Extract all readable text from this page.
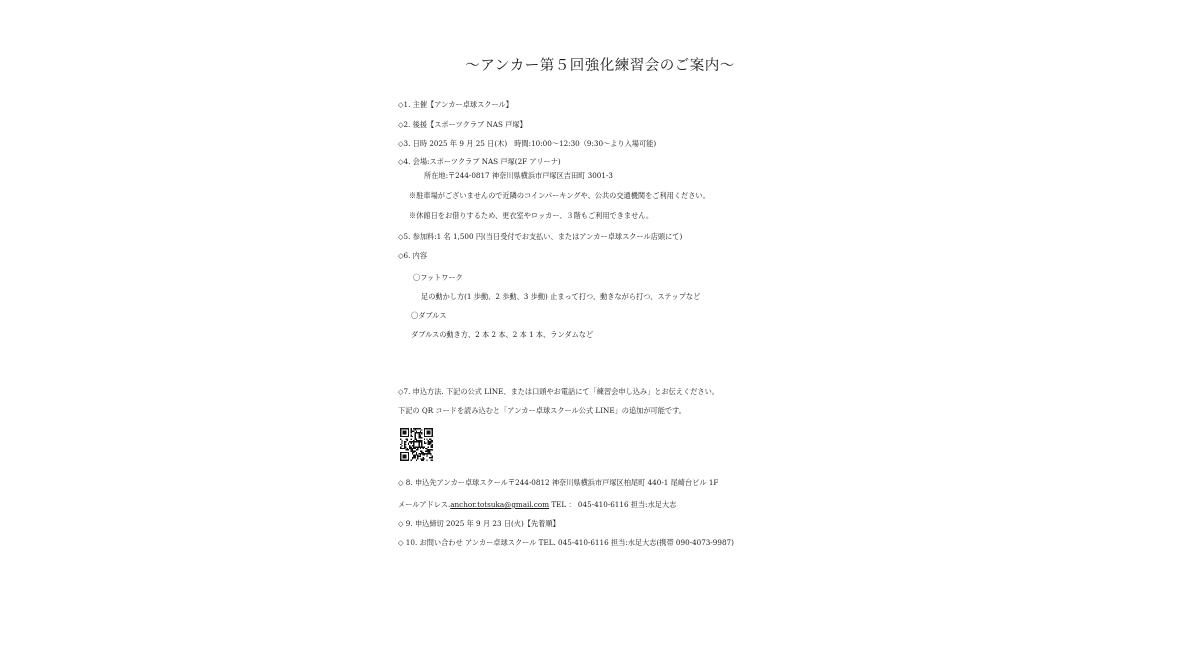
〜アンカー第５回強化練習会のご案内〜
◇1. 主催【アンカー卓球スクール】
◇2. 後援【スポーツクラブ NAS 戸塚】
◇3. 日時 2025 年 9 月 25 日(木)　時間:10:00〜12:30（9:30〜より入場可能)
◇4. 会場:スポーツクラブ NAS 戸塚(2F アリーナ)
所在地:〒244-0817 神奈川県横浜市戸塚区吉田町 3001-3
※駐車場がございませんので近隣のコインパーキングや、公共の交通機関をご利用ください。
※休館日をお借りするため、更衣室やロッカー、３階もご利用できません。
◇5. 参加料:1 名 1,500 円(当日受付でお支払い、またはアンカー卓球スクール店頭にて)
◇6. 内容
〇フットワーク
足の動かし方(1 歩動、2 歩動、3 歩動) 止まって打つ、動きながら打つ、ステップなど
〇ダブルス
ダブルスの動き方、2 本 2 本、2 本 1 本、ランダムなど
◇7. 申込方法. 下記の公式 LINE、または口頭やお電話にて「練習会申し込み」とお伝えください。
下記の QR コードを読み込むと「アンカー卓球スクール公式 LINE」の追加が可能です。
◇ 8. 申込先アンカー卓球スクール〒244-0812 神奈川県横浜市戸塚区柏尾町 440-1 尾崎台ビル 1F
メールアドレス.anchor.totsuka@gmail.com TEL ： 045-410-6116 担当:水足大志
◇ 9. 申込締切 2025 年 9 月 23 日(火)【先着順】
◇ 10. お問い合わせ アンカー卓球スクール TEL. 045-410-6116 担当:水足大志(携帯 090-4073-9987)
